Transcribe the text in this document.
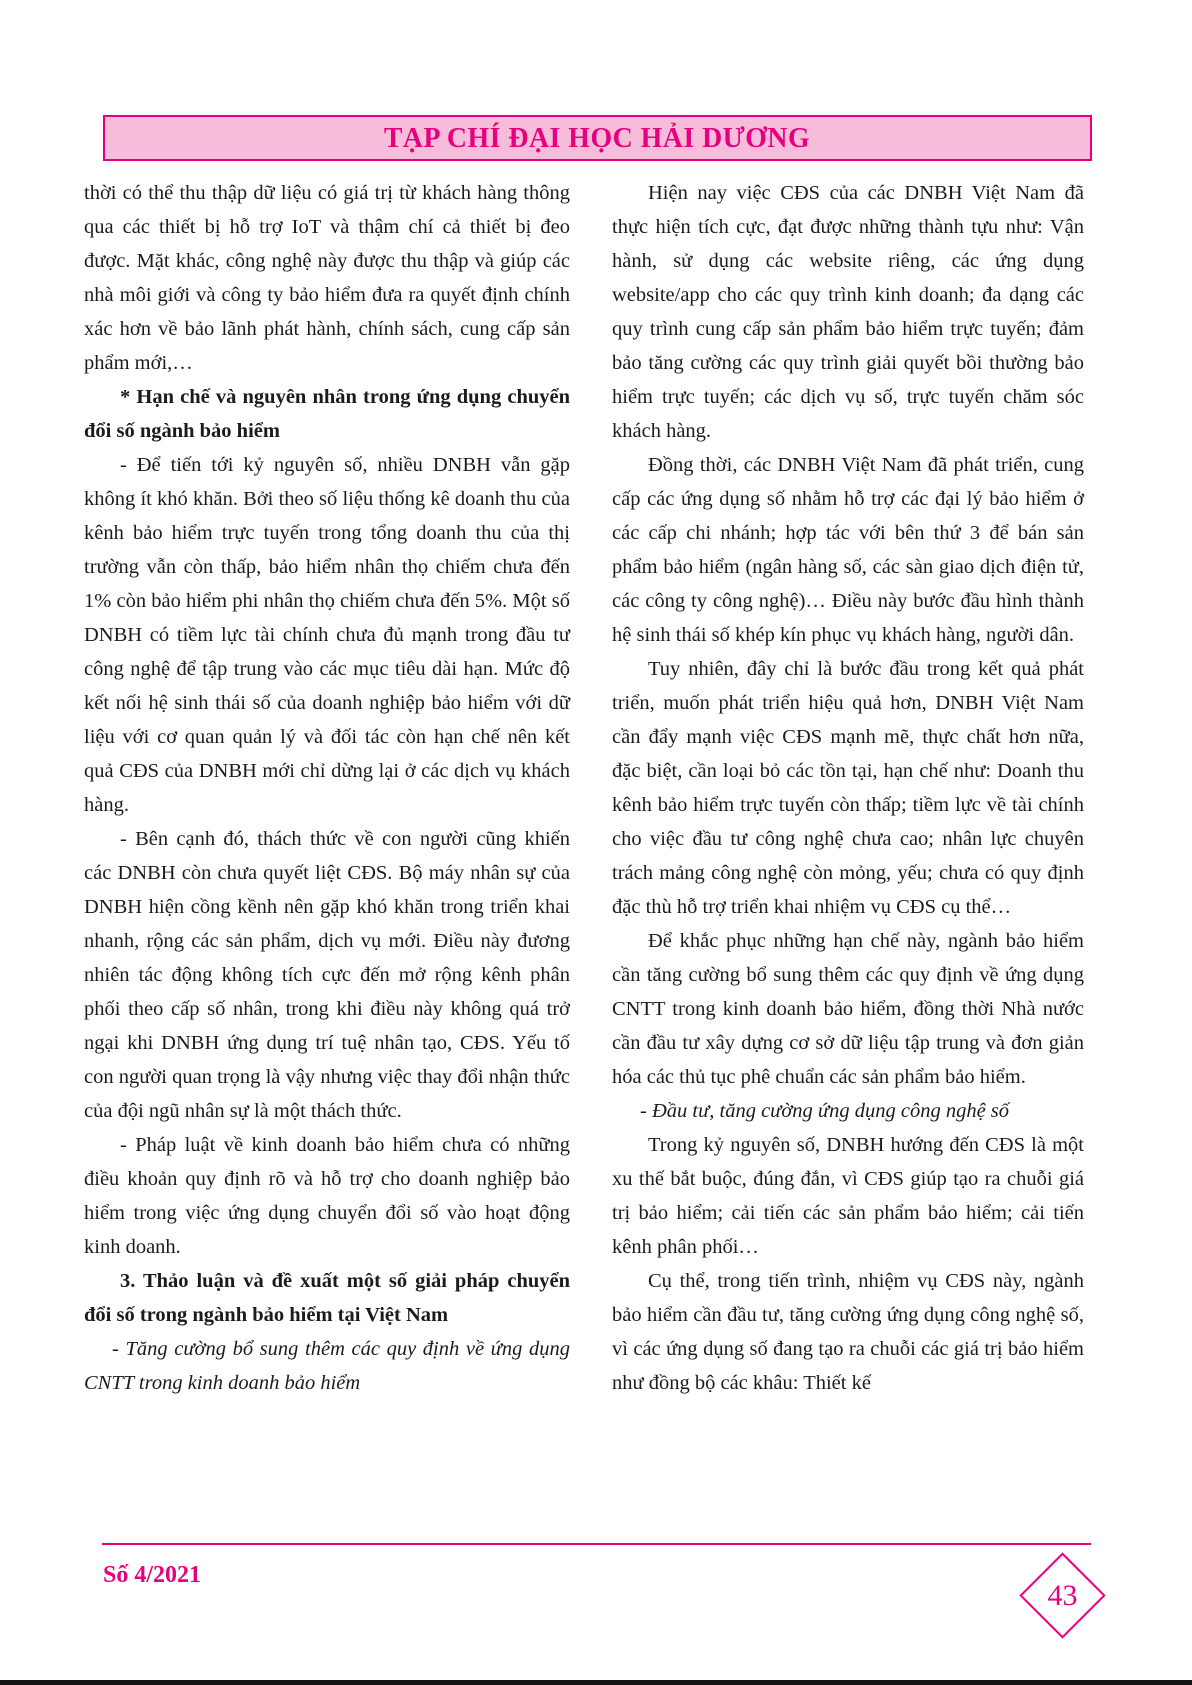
TẠP CHÍ ĐẠI HỌC HẢI DƯƠNG

thời có thể thu thập dữ liệu có giá trị từ khách hàng thông qua các thiết bị hỗ trợ IoT và thậm chí cả thiết bị đeo được. Mặt khác, công nghệ này được thu thập và giúp các nhà môi giới và công ty bảo hiểm đưa ra quyết định chính xác hơn về bảo lãnh phát hành, chính sách, cung cấp sản phẩm mới,…

* Hạn chế và nguyên nhân trong ứng dụng chuyển đổi số ngành bảo hiểm

- Để tiến tới kỷ nguyên số, nhiều DNBH vẫn gặp không ít khó khăn. Bởi theo số liệu thống kê doanh thu của kênh bảo hiểm trực tuyến trong tổng doanh thu của thị trường vẫn còn thấp, bảo hiểm nhân thọ chiếm chưa đến 1% còn bảo hiểm phi nhân thọ chiếm chưa đến 5%. Một số DNBH có tiềm lực tài chính chưa đủ mạnh trong đầu tư công nghệ để tập trung vào các mục tiêu dài hạn. Mức độ kết nối hệ sinh thái số của doanh nghiệp bảo hiểm với dữ liệu với cơ quan quản lý và đối tác còn hạn chế nên kết quả CĐS của DNBH mới chỉ dừng lại ở các dịch vụ khách hàng.

- Bên cạnh đó, thách thức về con người cũng khiến các DNBH còn chưa quyết liệt CĐS. Bộ máy nhân sự của DNBH hiện cồng kềnh nên gặp khó khăn trong triển khai nhanh, rộng các sản phẩm, dịch vụ mới. Điều này đương nhiên tác động không tích cực đến mở rộng kênh phân phối theo cấp số nhân, trong khi điều này không quá trở ngại khi DNBH ứng dụng trí tuệ nhân tạo, CĐS. Yếu tố con người quan trọng là vậy nhưng việc thay đổi nhận thức của đội ngũ nhân sự là một thách thức.

- Pháp luật về kinh doanh bảo hiểm chưa có những điều khoản quy định rõ và hỗ trợ cho doanh nghiệp bảo hiểm trong việc ứng dụng chuyển đổi số vào hoạt động kinh doanh.

3. Thảo luận và đề xuất một số giải pháp chuyển đổi số trong ngành bảo hiểm tại Việt Nam

- Tăng cường bổ sung thêm các quy định về ứng dụng CNTT trong kinh doanh bảo hiểm

Hiện nay việc CĐS của các DNBH Việt Nam đã thực hiện tích cực, đạt được những thành tựu như: Vận hành, sử dụng các website riêng, các ứng dụng website/app cho các quy trình kinh doanh; đa dạng các quy trình cung cấp sản phẩm bảo hiểm trực tuyến; đảm bảo tăng cường các quy trình giải quyết bồi thường bảo hiểm trực tuyến; các dịch vụ số, trực tuyến chăm sóc khách hàng.

Đồng thời, các DNBH Việt Nam đã phát triển, cung cấp các ứng dụng số nhằm hỗ trợ các đại lý bảo hiểm ở các cấp chi nhánh; hợp tác với bên thứ 3 để bán sản phẩm bảo hiểm (ngân hàng số, các sàn giao dịch điện tử, các công ty công nghệ)… Điều này bước đầu hình thành hệ sinh thái số khép kín phục vụ khách hàng, người dân.

Tuy nhiên, đây chỉ là bước đầu trong kết quả phát triển, muốn phát triển hiệu quả hơn, DNBH Việt Nam cần đẩy mạnh việc CĐS mạnh mẽ, thực chất hơn nữa, đặc biệt, cần loại bỏ các tồn tại, hạn chế như: Doanh thu kênh bảo hiểm trực tuyến còn thấp; tiềm lực về tài chính cho việc đầu tư công nghệ chưa cao; nhân lực chuyên trách mảng công nghệ còn mỏng, yếu; chưa có quy định đặc thù hỗ trợ triển khai nhiệm vụ CĐS cụ thể…

Để khắc phục những hạn chế này, ngành bảo hiểm cần tăng cường bổ sung thêm các quy định về ứng dụng CNTT trong kinh doanh bảo hiểm, đồng thời Nhà nước cần đầu tư xây dựng cơ sở dữ liệu tập trung và đơn giản hóa các thủ tục phê chuẩn các sản phẩm bảo hiểm.

- Đầu tư, tăng cường ứng dụng công nghệ số

Trong kỷ nguyên số, DNBH hướng đến CĐS là một xu thế bắt buộc, đúng đắn, vì CĐS giúp tạo ra chuỗi giá trị bảo hiểm; cải tiến các sản phẩm bảo hiểm; cải tiến kênh phân phối…

Cụ thể, trong tiến trình, nhiệm vụ CĐS này, ngành bảo hiểm cần đầu tư, tăng cường ứng dụng công nghệ số, vì các ứng dụng số đang tạo ra chuỗi các giá trị bảo hiểm như đồng bộ các khâu: Thiết kế

Số 4/2021
43
